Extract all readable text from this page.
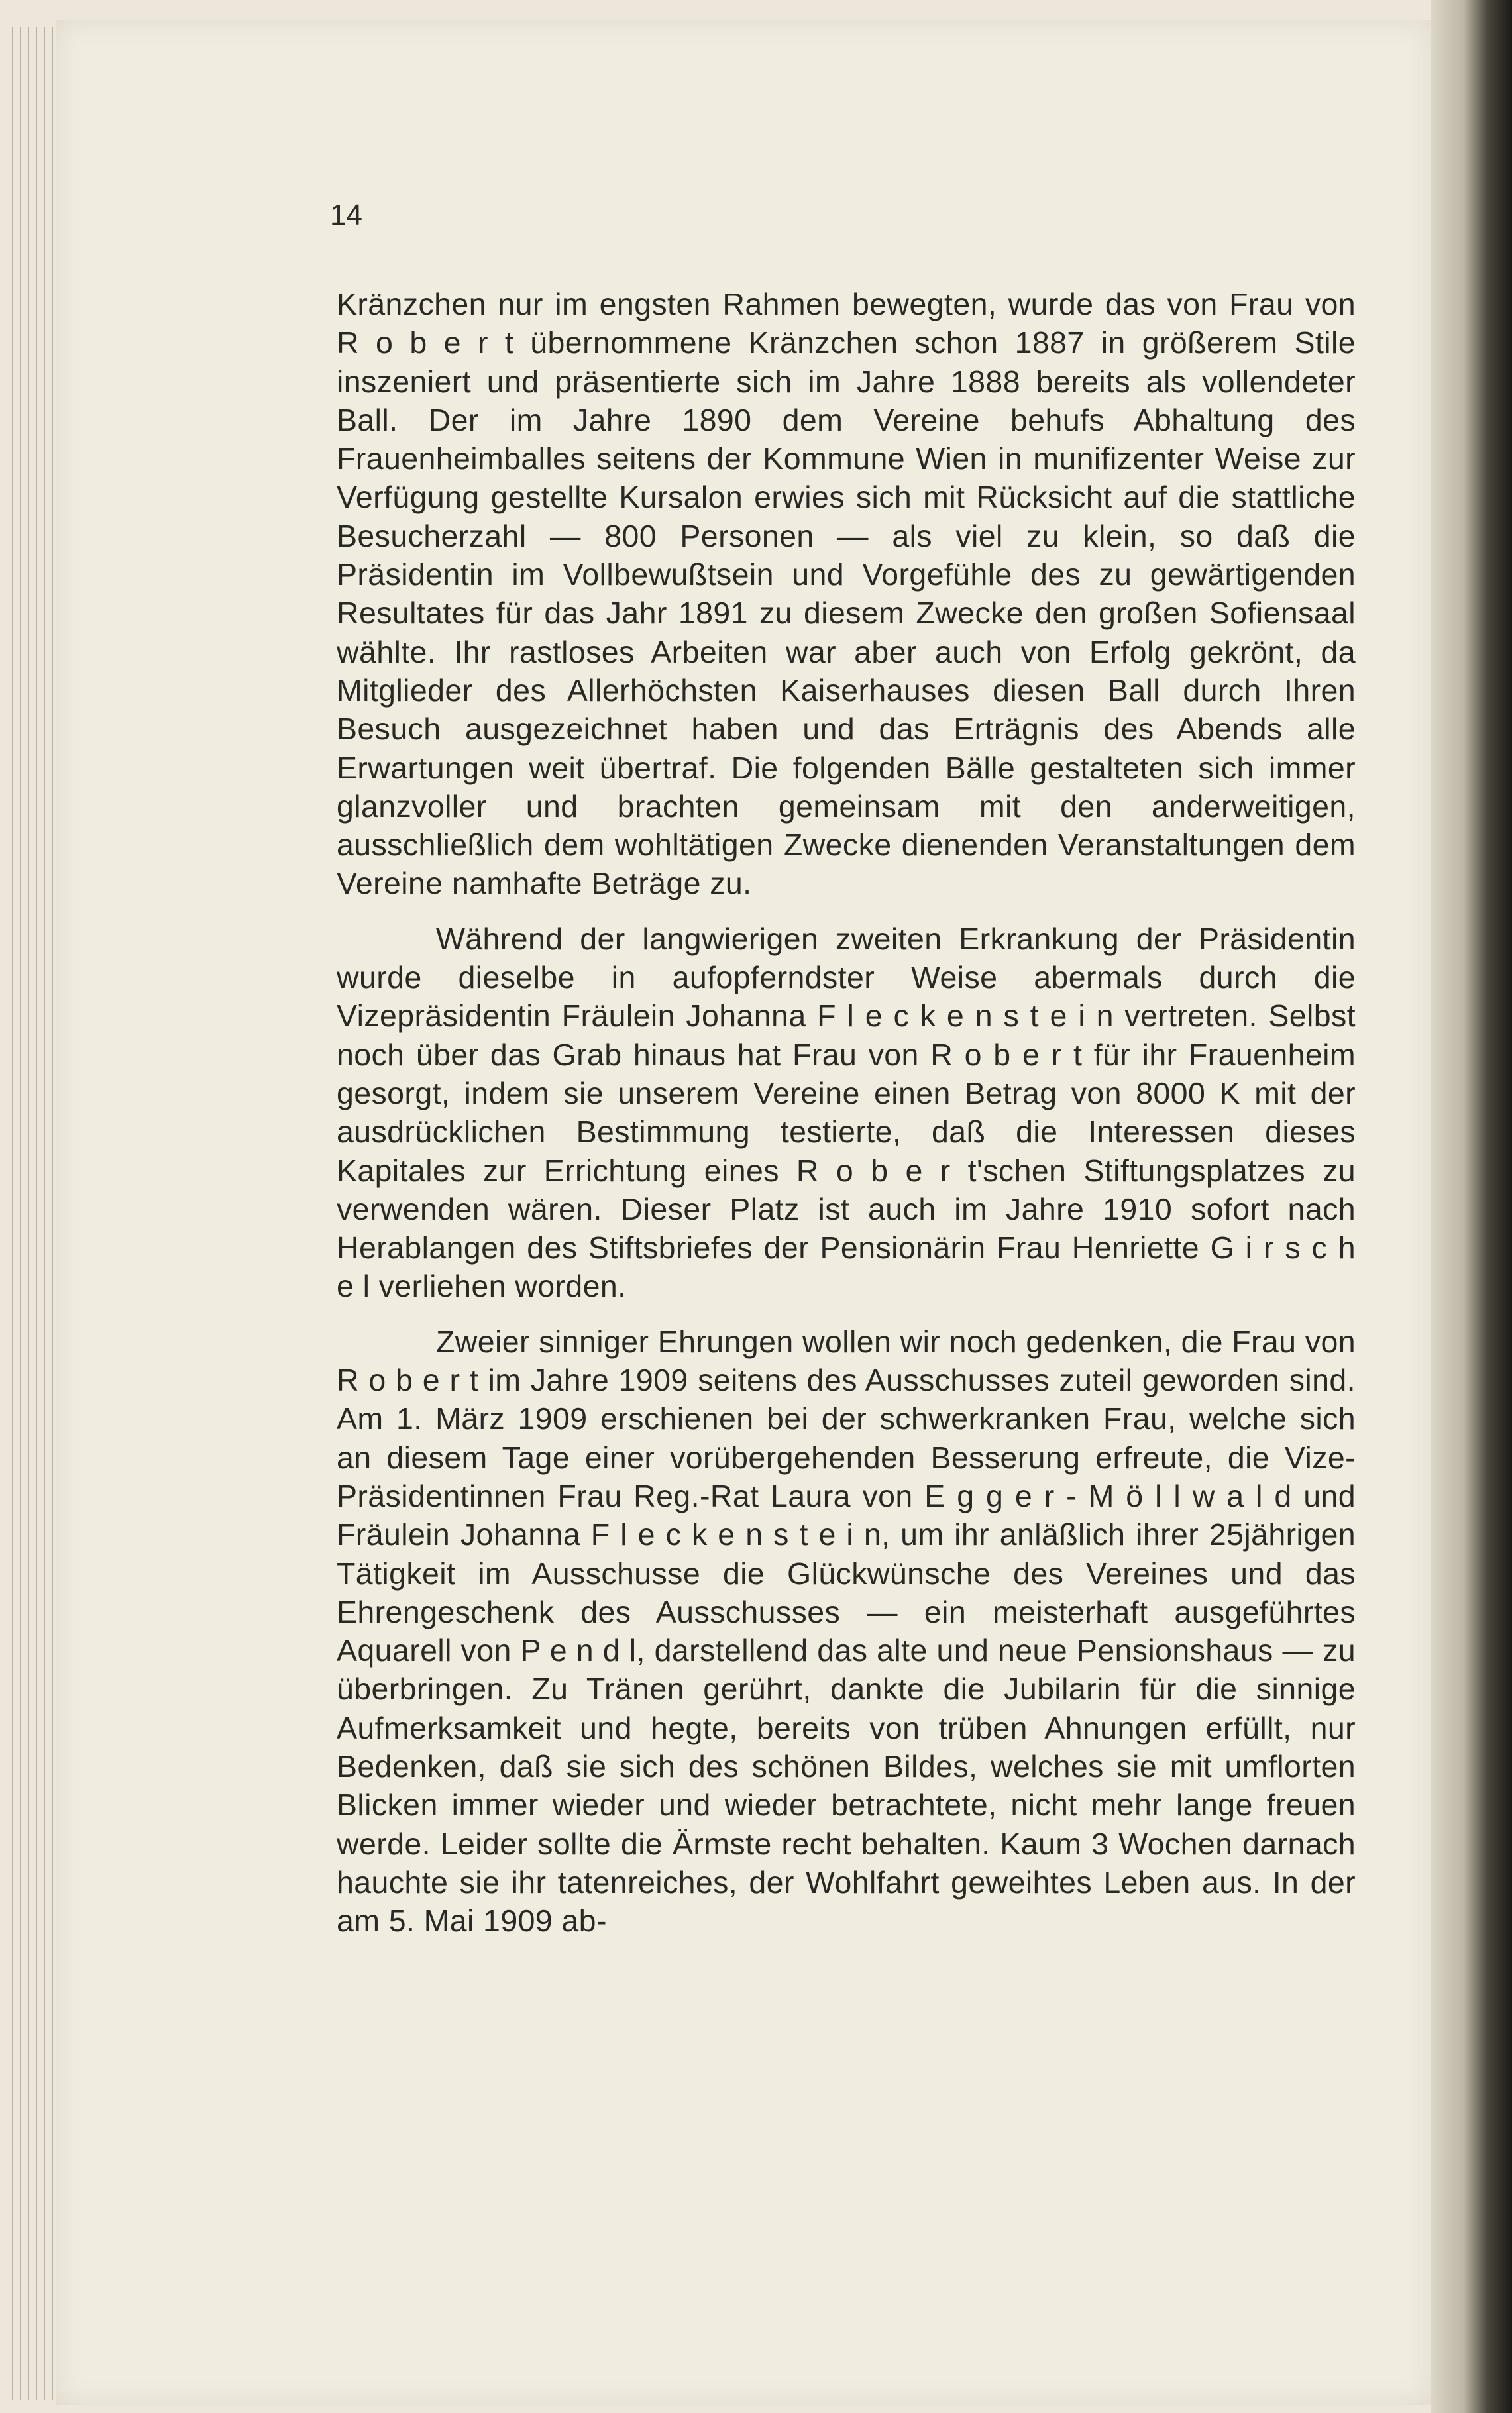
14

Kränzchen nur im engsten Rahmen bewegten, wurde das von Frau von R o b e r t übernommene Kränzchen schon 1887 in größerem Stile inszeniert und präsentierte sich im Jahre 1888 bereits als vollendeter Ball. Der im Jahre 1890 dem Vereine behufs Abhaltung des Frauenheimballes seitens der Kommune Wien in munifizenter Weise zur Verfügung gestellte Kursalon erwies sich mit Rücksicht auf die stattliche Besucherzahl — 800 Personen — als viel zu klein, so daß die Präsidentin im Vollbewußtsein und Vorgefühle des zu gewärtigenden Resultates für das Jahr 1891 zu diesem Zwecke den großen Sofiensaal wählte. Ihr rastloses Arbeiten war aber auch von Erfolg gekrönt, da Mitglieder des Allerhöchsten Kaiserhauses diesen Ball durch Ihren Besuch ausgezeichnet haben und das Erträgnis des Abends alle Erwartungen weit übertraf. Die folgenden Bälle gestalteten sich immer glanzvoller und brachten gemeinsam mit den anderweitigen, ausschließlich dem wohltätigen Zwecke dienenden Veranstaltungen dem Vereine namhafte Beträge zu.

Während der langwierigen zweiten Erkrankung der Präsidentin wurde dieselbe in aufopferndster Weise abermals durch die Vizepräsidentin Fräulein Johanna F l e c k e n s t e i n vertreten. Selbst noch über das Grab hinaus hat Frau von R o b e r t für ihr Frauenheim gesorgt, indem sie unserem Vereine einen Betrag von 8000 K mit der ausdrücklichen Bestimmung testierte, daß die Interessen dieses Kapitales zur Errichtung eines R o b e r t'schen Stiftungsplatzes zu verwenden wären. Dieser Platz ist auch im Jahre 1910 sofort nach Herablangen des Stiftsbriefes der Pensionärin Frau Henriette G i r s c h e l verliehen worden.

Zweier sinniger Ehrungen wollen wir noch gedenken, die Frau von R o b e r t im Jahre 1909 seitens des Ausschusses zuteil geworden sind. Am 1. März 1909 erschienen bei der schwerkranken Frau, welche sich an diesem Tage einer vorübergehenden Besserung erfreute, die Vize-Präsidentinnen Frau Reg.-Rat Laura von E g g e r - M ö l l w a l d und Fräulein Johanna F l e c k e n s t e i n, um ihr anläßlich ihrer 25jährigen Tätigkeit im Ausschusse die Glückwünsche des Vereines und das Ehrengeschenk des Ausschusses — ein meisterhaft ausgeführtes Aquarell von P e n d l, darstellend das alte und neue Pensionshaus — zu überbringen. Zu Tränen gerührt, dankte die Jubilarin für die sinnige Aufmerksamkeit und hegte, bereits von trüben Ahnungen erfüllt, nur Bedenken, daß sie sich des schönen Bildes, welches sie mit umflorten Blicken immer wieder und wieder betrachtete, nicht mehr lange freuen werde. Leider sollte die Ärmste recht behalten. Kaum 3 Wochen darnach hauchte sie ihr tatenreiches, der Wohlfahrt geweihtes Leben aus. In der am 5. Mai 1909 ab-
